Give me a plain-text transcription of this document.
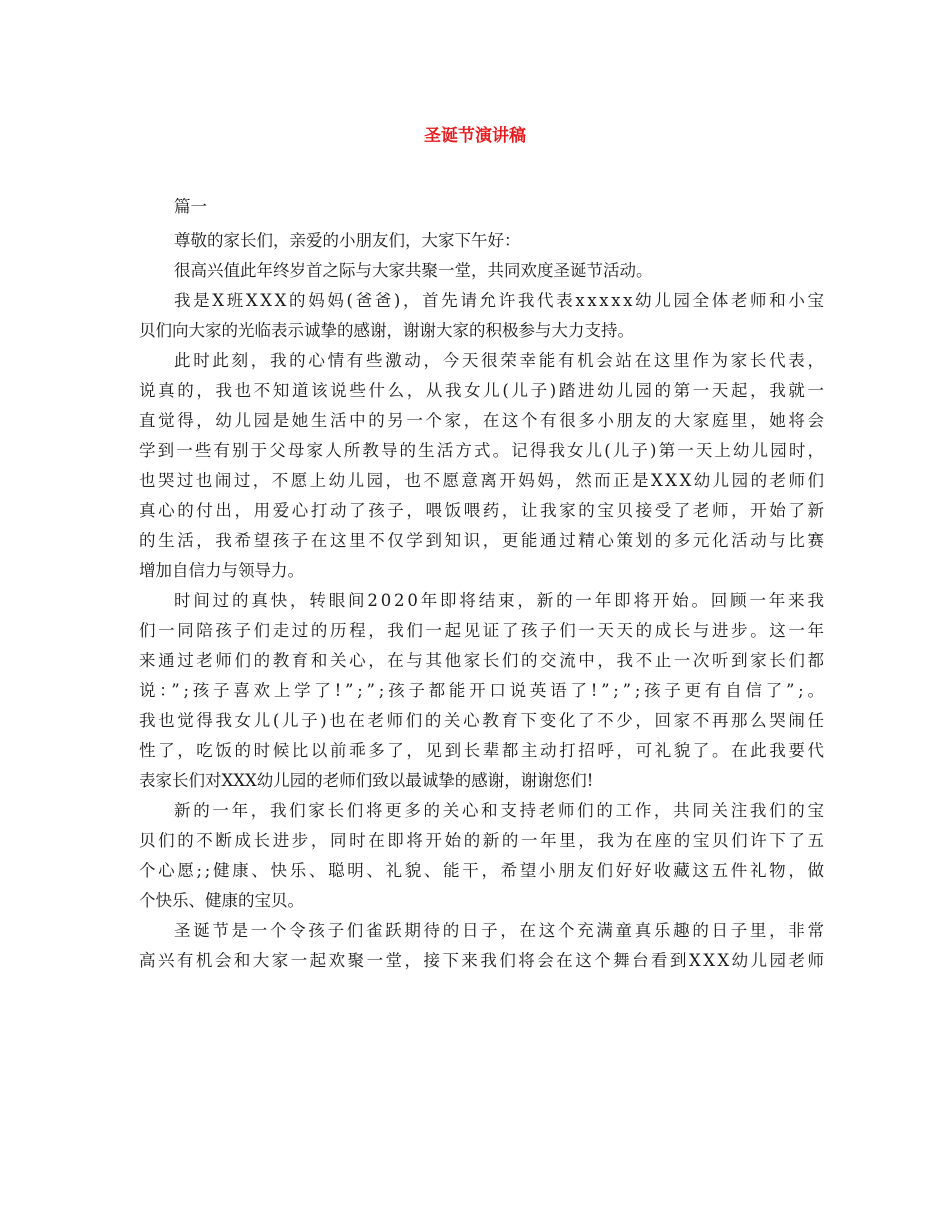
圣诞节演讲稿
篇一
尊敬的家长们，亲爱的小朋友们，大家下午好：
很高兴值此年终岁首之际与大家共聚一堂，共同欢度圣诞节活动。
我是X班XXX的妈妈(爸爸)，首先请允许我代表xxxxx幼儿园全体老师和小宝
贝们向大家的光临表示诚挚的感谢，谢谢大家的积极参与大力支持。
此时此刻，我的心情有些激动，今天很荣幸能有机会站在这里作为家长代表，
说真的，我也不知道该说些什么，从我女儿(儿子)踏进幼儿园的第一天起，我就一
直觉得，幼儿园是她生活中的另一个家，在这个有很多小朋友的大家庭里，她将会
学到一些有别于父母家人所教导的生活方式。记得我女儿(儿子)第一天上幼儿园时，
也哭过也闹过，不愿上幼儿园，也不愿意离开妈妈，然而正是XXX幼儿园的老师们
真心的付出，用爱心打动了孩子，喂饭喂药，让我家的宝贝接受了老师，开始了新
的生活，我希望孩子在这里不仅学到知识，更能通过精心策划的多元化活动与比赛
增加自信力与领导力。
时间过的真快，转眼间2020年即将结束，新的一年即将开始。回顾一年来我
们一同陪孩子们走过的历程，我们一起见证了孩子们一天天的成长与进步。这一年
来通过老师们的教育和关心，在与其他家长们的交流中，我不止一次听到家长们都
说：”;孩子喜欢上学了!”;”;孩子都能开口说英语了!”;”;孩子更有自信了”;。
我也觉得我女儿(儿子)也在老师们的关心教育下变化了不少，回家不再那么哭闹任
性了，吃饭的时候比以前乖多了，见到长辈都主动打招呼，可礼貌了。在此我要代
表家长们对XXX幼儿园的老师们致以最诚挚的感谢，谢谢您们!
新的一年，我们家长们将更多的关心和支持老师们的工作，共同关注我们的宝
贝们的不断成长进步，同时在即将开始的新的一年里，我为在座的宝贝们许下了五
个心愿;;健康、快乐、聪明、礼貌、能干，希望小朋友们好好收藏这五件礼物，做
个快乐、健康的宝贝。
圣诞节是一个令孩子们雀跃期待的日子，在这个充满童真乐趣的日子里，非常
高兴有机会和大家一起欢聚一堂，接下来我们将会在这个舞台看到XXX幼儿园老师
